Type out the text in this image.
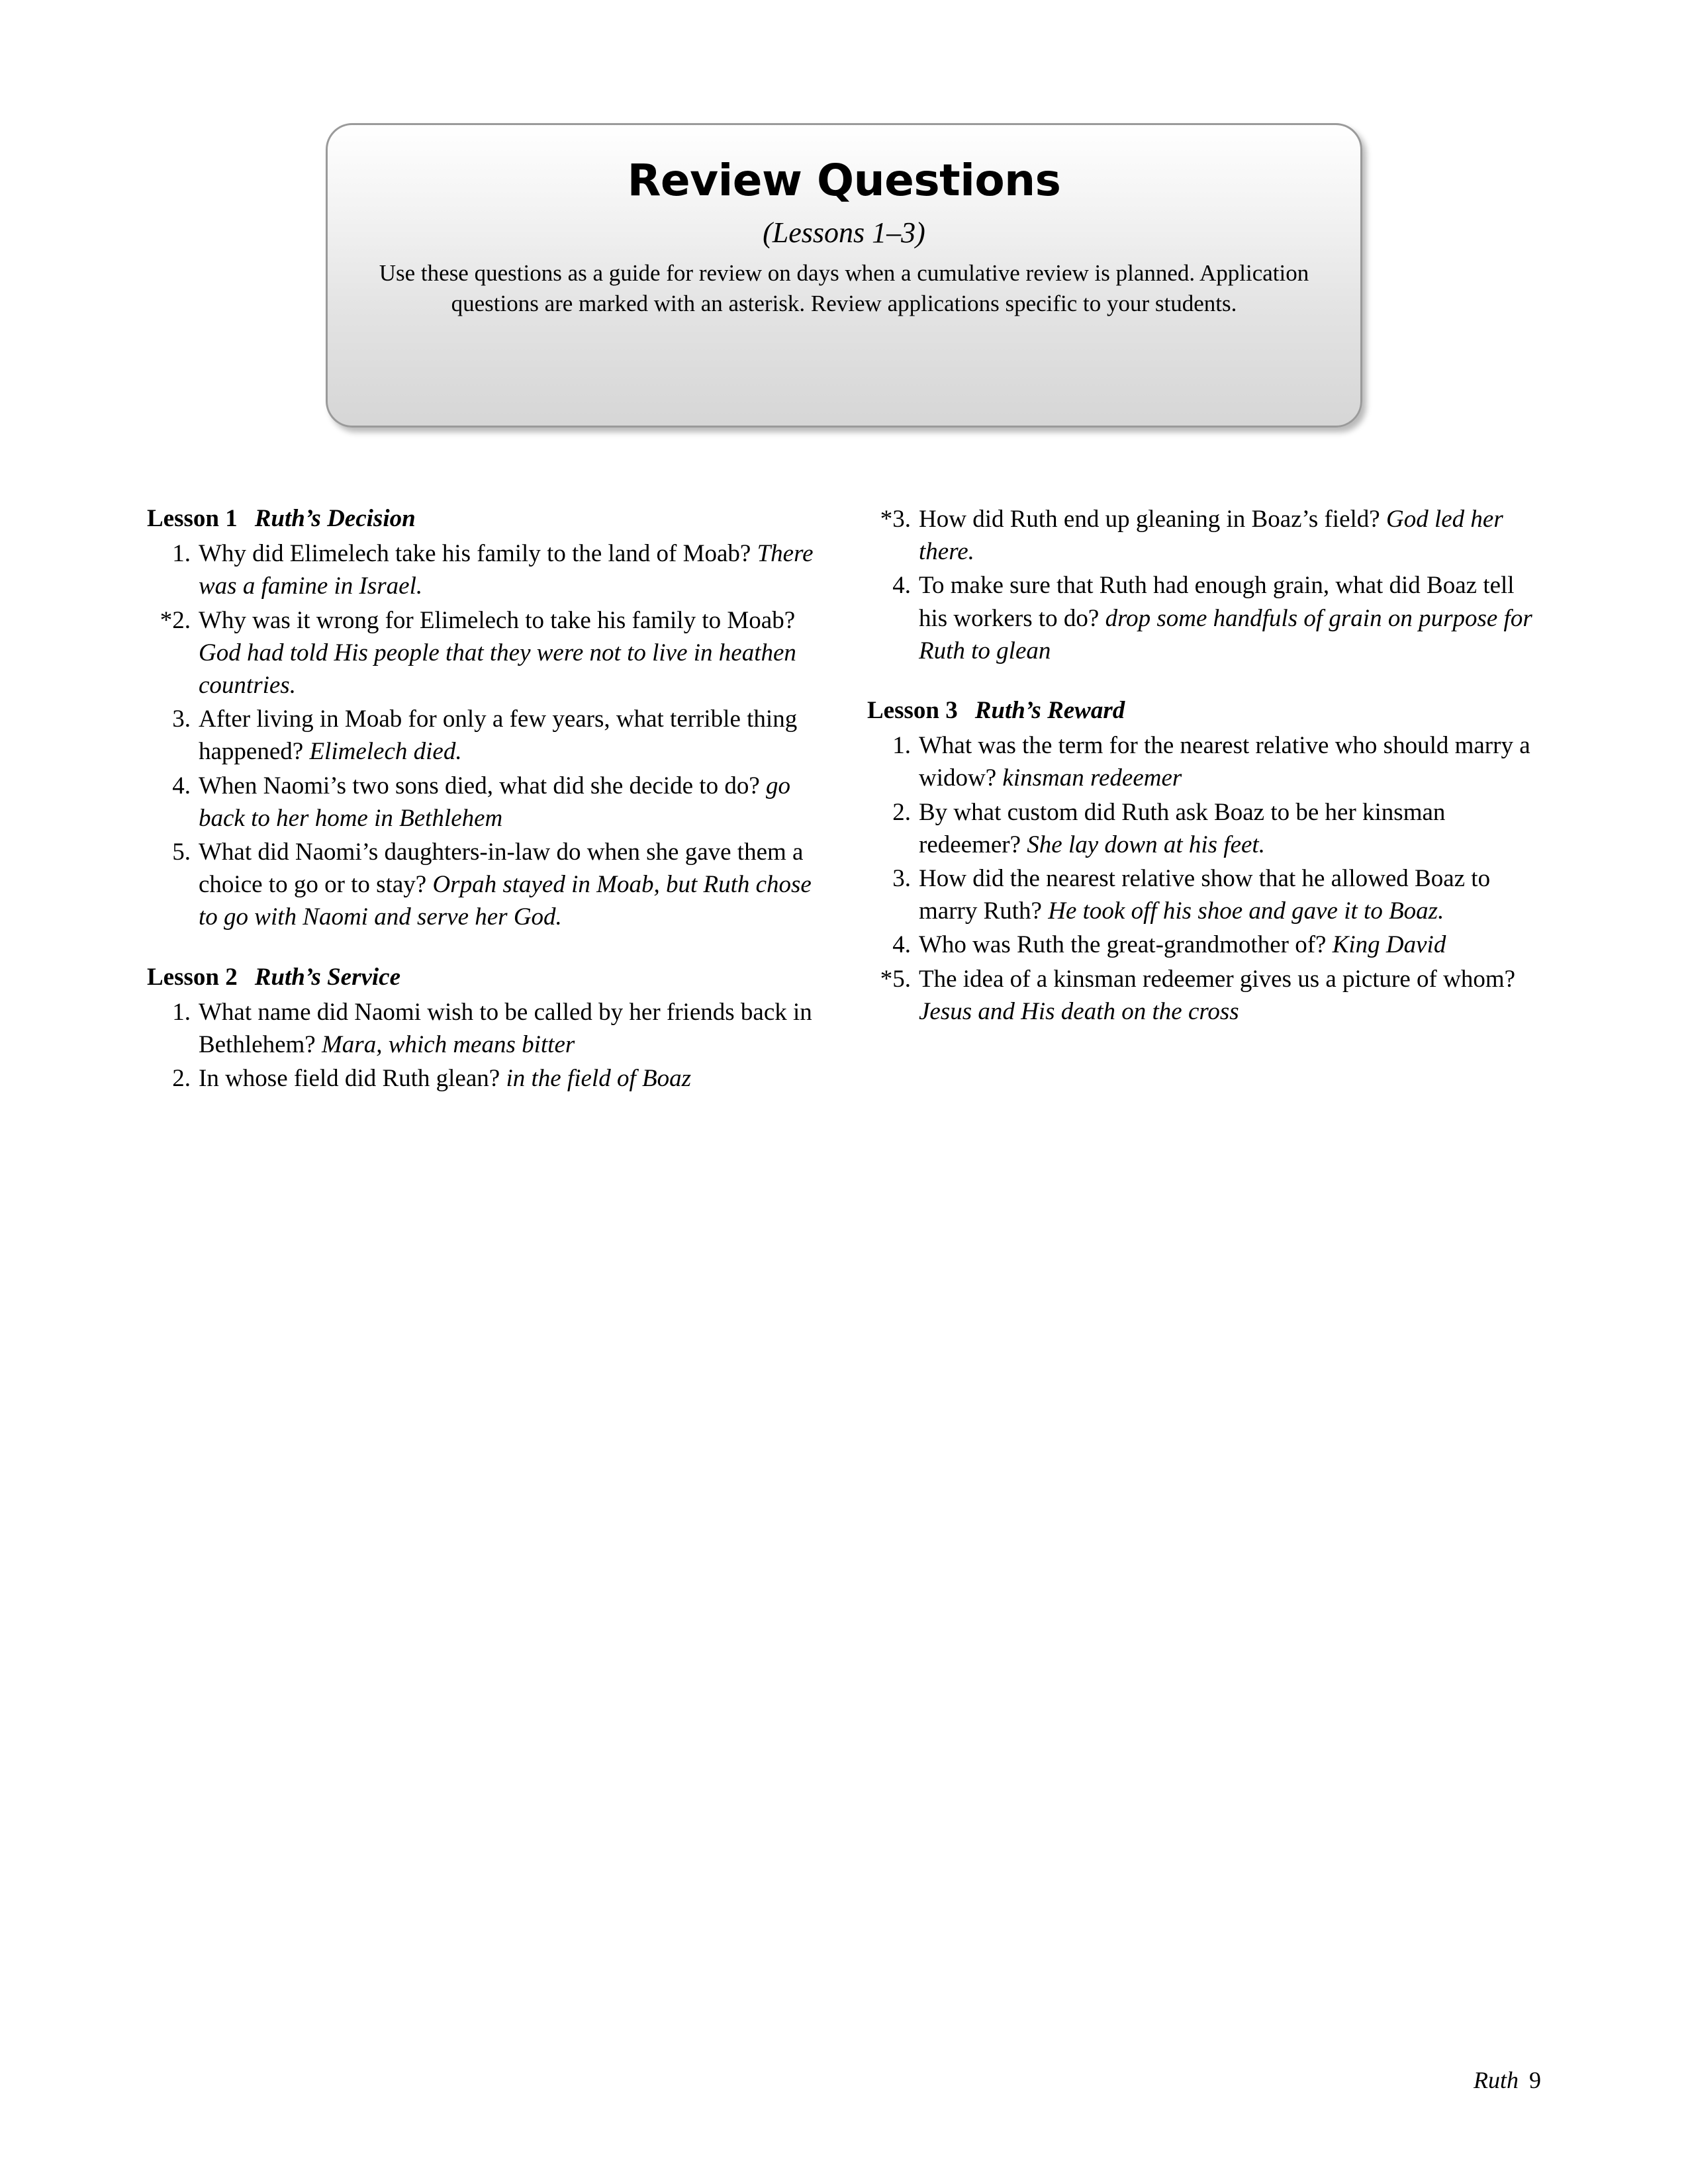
Review Questions
(Lessons 1–3)
Use these questions as a guide for review on days when a cumulative review is planned. Application questions are marked with an asterisk. Review applications specific to your students.
Lesson 1 Ruth’s Decision
1. Why did Elimelech take his family to the land of Moab? There was a famine in Israel.
*2. Why was it wrong for Elimelech to take his family to Moab? God had told His people that they were not to live in heathen countries.
3. After living in Moab for only a few years, what terrible thing happened? Elimelech died.
4. When Naomi’s two sons died, what did she decide to do? go back to her home in Bethlehem
5. What did Naomi’s daughters-in-law do when she gave them a choice to go or to stay? Orpah stayed in Moab, but Ruth chose to go with Naomi and serve her God.
Lesson 2 Ruth’s Service
1. What name did Naomi wish to be called by her friends back in Bethlehem? Mara, which means bitter
2. In whose field did Ruth glean? in the field of Boaz
*3. How did Ruth end up gleaning in Boaz’s field? God led her there.
4. To make sure that Ruth had enough grain, what did Boaz tell his workers to do? drop some handfuls of grain on purpose for Ruth to glean
Lesson 3 Ruth’s Reward
1. What was the term for the nearest relative who should marry a widow? kinsman redeemer
2. By what custom did Ruth ask Boaz to be her kinsman redeemer? She lay down at his feet.
3. How did the nearest relative show that he allowed Boaz to marry Ruth? He took off his shoe and gave it to Boaz.
4. Who was Ruth the great-grandmother of? King David
*5. The idea of a kinsman redeemer gives us a picture of whom? Jesus and His death on the cross
Ruth 9
